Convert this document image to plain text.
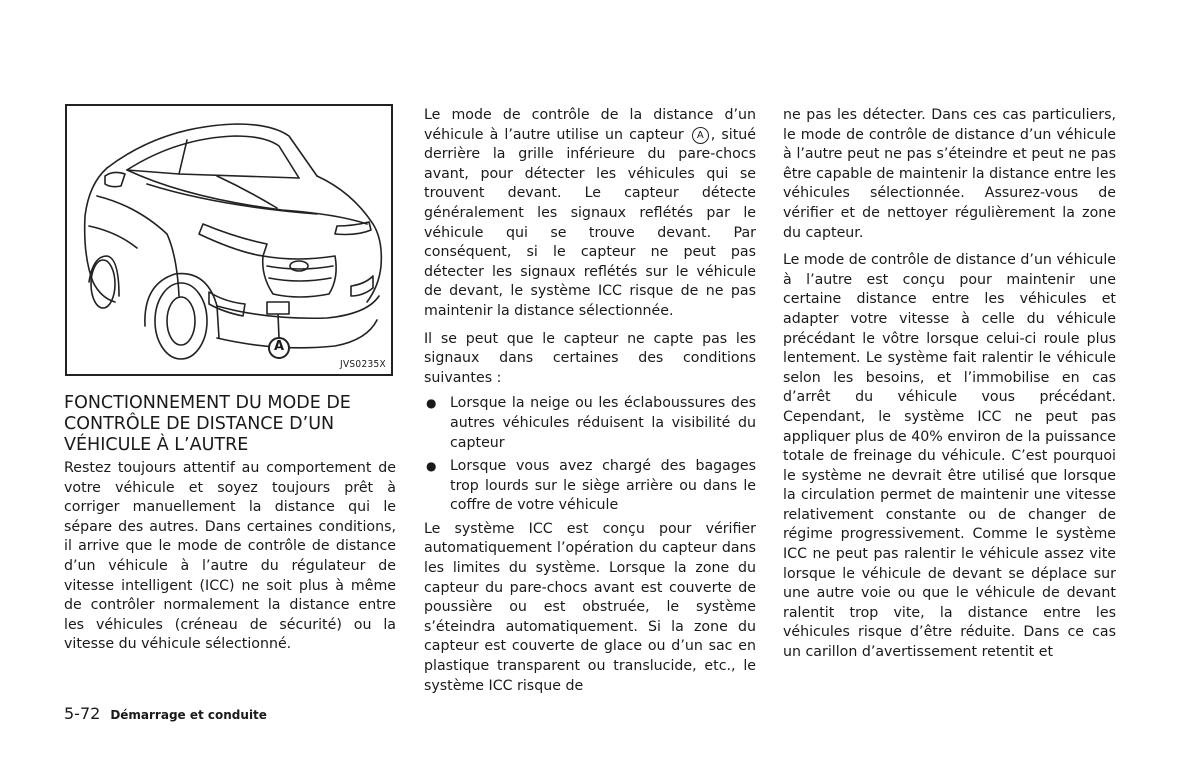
A
JVS0235X
FONCTIONNEMENT DU MODE DE CONTRÔLE DE DISTANCE D’UN VÉHICULE À L’AUTRE

Restez toujours attentif au comportement de votre véhicule et soyez toujours prêt à corriger manuellement la distance qui le sépare des autres. Dans certaines conditions, il arrive que le mode de contrôle de distance d’un véhicule à l’autre du régulateur de vitesse intelligent (ICC) ne soit plus à même de contrôler normalement la distance entre les véhicules (créneau de sécurité) ou la vitesse du véhicule sélectionné.

Le mode de contrôle de la distance d’un véhicule à l’autre utilise un capteur A , situé derrière la grille inférieure du pare-chocs avant, pour détecter les véhicules qui se trouvent devant. Le capteur détecte généralement les signaux reflétés par le véhicule qui se trouve devant. Par conséquent, si le capteur ne peut pas détecter les signaux reflétés sur le véhicule de devant, le système ICC risque de ne pas maintenir la distance sélectionnée.

Il se peut que le capteur ne capte pas les signaux dans certaines des conditions suivantes :

● Lorsque la neige ou les éclaboussures des autres véhicules réduisent la visibilité du capteur
● Lorsque vous avez chargé des bagages trop lourds sur le siège arrière ou dans le coffre de votre véhicule

Le système ICC est conçu pour vérifier automatiquement l’opération du capteur dans les limites du système. Lorsque la zone du capteur du pare-chocs avant est couverte de poussière ou est obstruée, le système s’éteindra automatiquement. Si la zone du capteur est couverte de glace ou d’un sac en plastique transparent ou translucide, etc., le système ICC risque de

ne pas les détecter. Dans ces cas particuliers, le mode de contrôle de distance d’un véhicule à l’autre peut ne pas s’éteindre et peut ne pas être capable de maintenir la distance entre les véhicules sélectionnée. Assurez-vous de vérifier et de nettoyer régulièrement la zone du capteur.

Le mode de contrôle de distance d’un véhicule à l’autre est conçu pour maintenir une certaine distance entre les véhicules et adapter votre vitesse à celle du véhicule précédant le vôtre lorsque celui-ci roule plus lentement. Le système fait ralentir le véhicule selon les besoins, et l’immobilise en cas d’arrêt du véhicule vous précédant. Cependant, le système ICC ne peut pas appliquer plus de 40% environ de la puissance totale de freinage du véhicule. C’est pourquoi le système ne devrait être utilisé que lorsque la circulation permet de maintenir une vitesse relativement constante ou de changer de régime progressivement. Comme le système ICC ne peut pas ralentir le véhicule assez vite lorsque le véhicule de devant se déplace sur une autre voie ou que le véhicule de devant ralentit trop vite, la distance entre les véhicules risque d’être réduite. Dans ce cas un carillon d’avertissement retentit et

5-72 Démarrage et conduite
